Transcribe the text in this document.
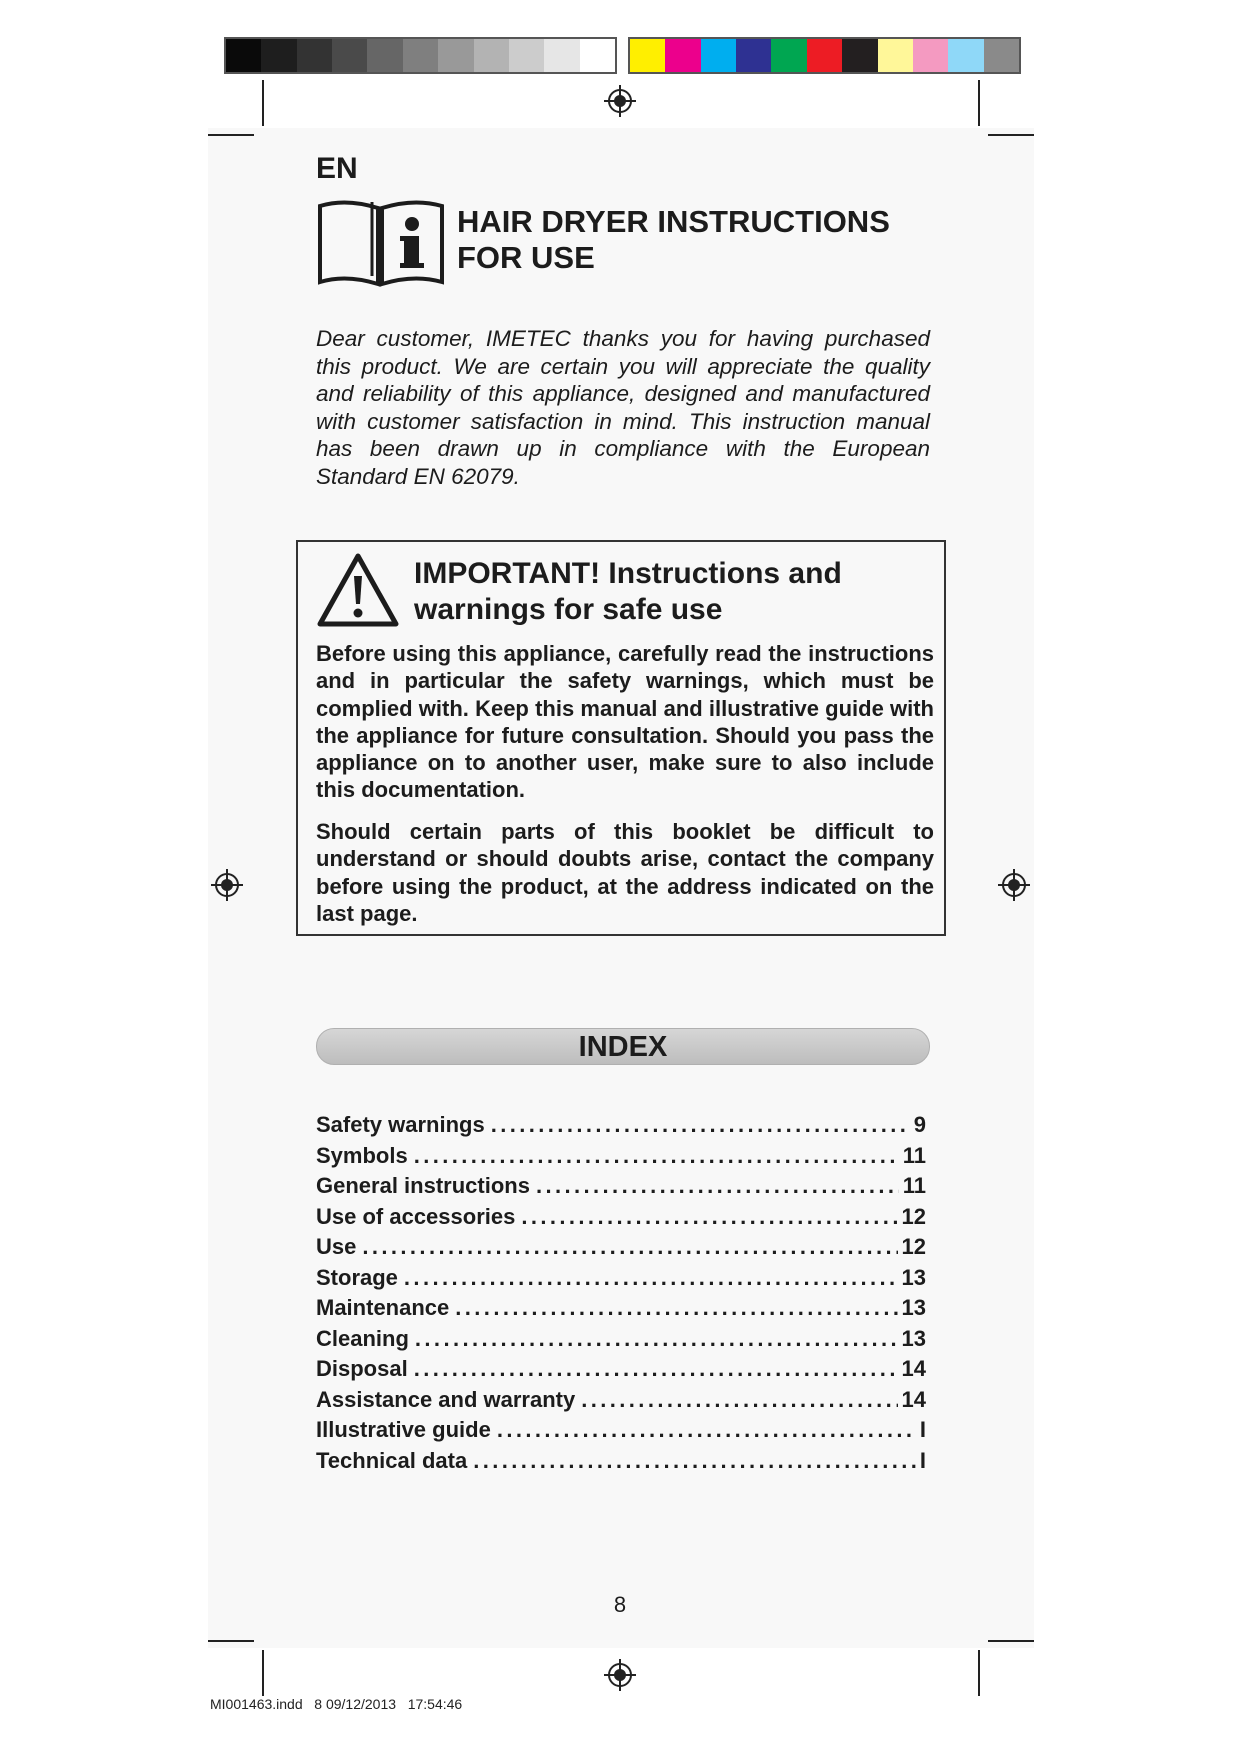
EN
HAIR DRYER INSTRUCTIONS
FOR USE
Dear customer, IMETEC thanks you for having purchased this product. We are certain you will appreciate the quality and reliability of this appliance, designed and manufactured with customer satisfaction in mind. This instruction manual has been drawn up in compliance with the European Standard EN 62079.
IMPORTANT! Instructions and
warnings for safe use
Before using this appliance, carefully read the instructions and in particular the safety warnings, which must be complied with. Keep this manual and illustrative guide with the appliance for future consultation. Should you pass the appliance on to another user, make sure to also include this documentation.
Should certain parts of this booklet be difficult to understand or should doubts arise, contact the company before using the product, at the address indicated on the last page.
INDEX
Safety warnings .....	9
Symbols .....	11
General instructions .....	11
Use of accessories .....	12
Use .....	12
Storage .....	13
Maintenance .....	13
Cleaning .....	13
Disposal .....	14
Assistance and warranty .....	14
Illustrative guide .....	I
Technical data .....	I
8
MI001463.indd   8 09/12/2013   17:54:46
